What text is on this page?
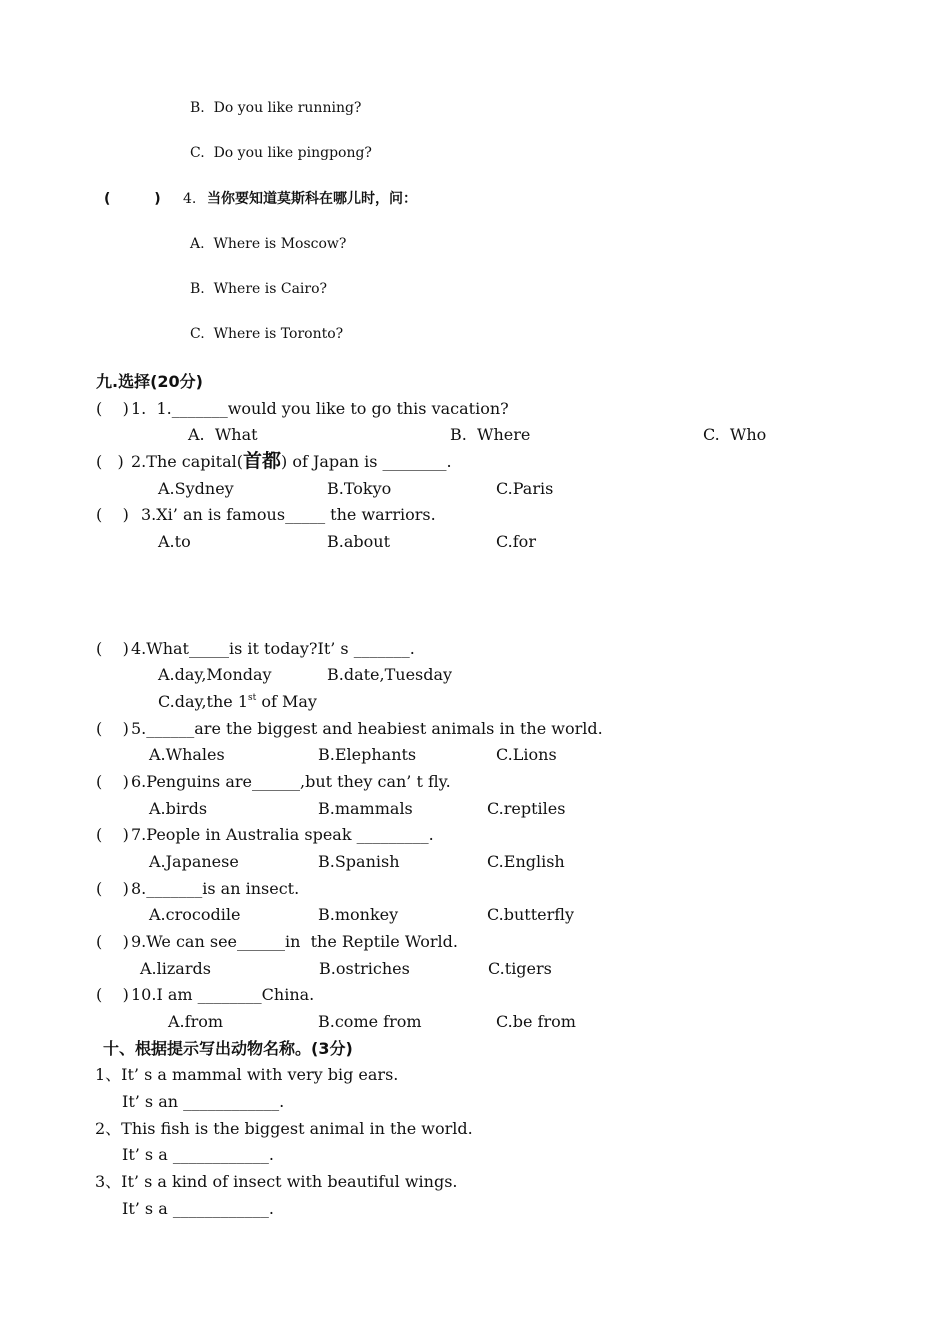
B.  Do you like running?
C.  Do you like pingpong?
(         ) 4. 当你要知道莫斯科在哪儿时，问：
A.  Where is Moscow?
B.  Where is Cairo?
C.  Where is Toronto?
九.选择(20分)
(    ) 1.  1._______would you like to go this vacation?
A.  What	B.  Where	C.  Who
(   ) 2.The capital(首都) of Japan is ________.
A.Sydney	B.Tokyo	C.Paris
(    ) 3.Xi’ an is famous_____ the warriors.
A.to	B.about	C.for
(    ) 4.What_____is it today?It’ s _______.
A.day,Monday	B.date,Tuesday
C.day,the 1st of May
(    ) 5.______are the biggest and heabiest animals in the world.
A.Whales	B.Elephants	C.Lions
(    ) 6.Penguins are______,but they can’ t fly.
A.birds	B.mammals	C.reptiles
(    ) 7.People in Australia speak _________.
A.Japanese	B.Spanish	C.English
(    ) 8._______is an insect.
A.crocodile	B.monkey	C.butterfly
(    ) 9.We can see______in  the Reptile World.
A.lizards	B.ostriches	C.tigers
(    ) 10.I am ________China.
A.from	B.come from	C.be from
十、根据提示写出动物名称。(3分)
1、It’ s a mammal with very big ears.
It’ s an ____________.
2、This fish is the biggest animal in the world.
It’ s a ____________.
3、It’ s a kind of insect with beautiful wings.
It’ s a ____________.
